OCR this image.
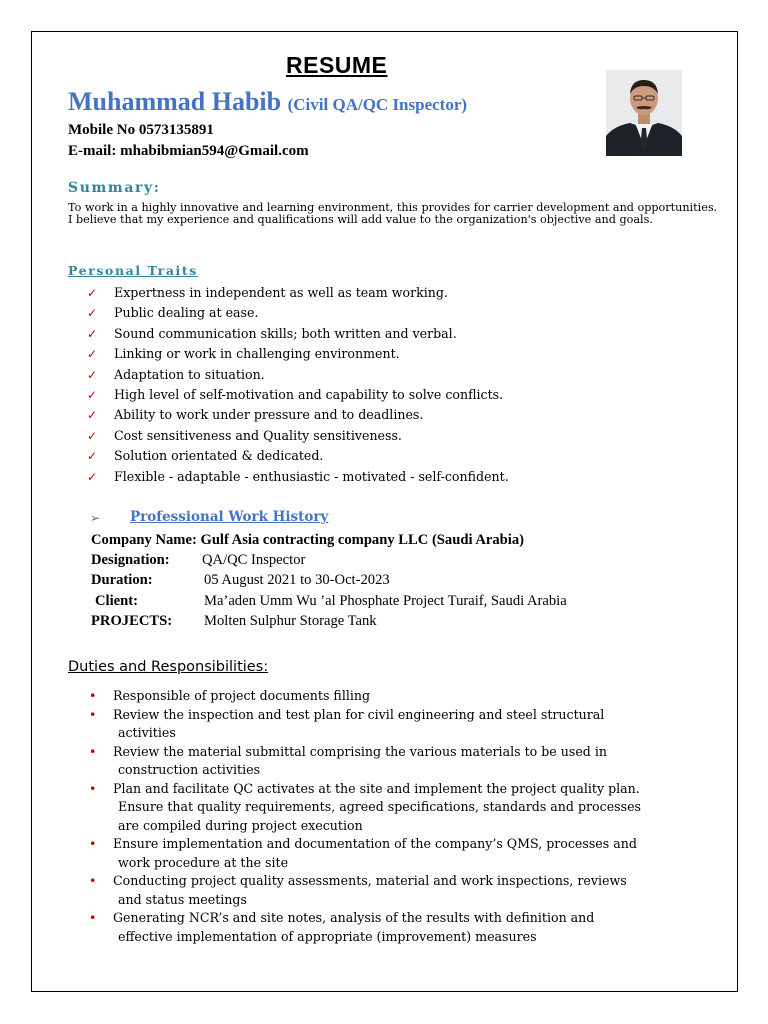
RESUME
Muhammad Habib (Civil QA/QC Inspector)
Mobile No 0573135891
E-mail: mhabibmian594@Gmail.com
Summary:
To work in a highly innovative and learning environment, this provides for carrier development and opportunities. I believe that my experience and qualifications will add value to the organization's objective and goals.
Personal Traits
✓ Expertness in independent as well as team working.
✓ Public dealing at ease.
✓ Sound communication skills; both written and verbal.
✓ Linking or work in challenging environment.
✓ Adaptation to situation.
✓ High level of self-motivation and capability to solve conflicts.
✓ Ability to work under pressure and to deadlines.
✓ Cost sensitiveness and Quality sensitiveness.
✓ Solution orientated & dedicated.
✓ Flexible - adaptable - enthusiastic - motivated - self-confident.
➢ Professional Work History
Company Name: Gulf Asia contracting company LLC (Saudi Arabia)
Designation: QA/QC Inspector
Duration:	05 August 2021 to 30-Oct-2023
Client:	Ma’aden Umm Wu ’al Phosphate Project Turaif, Saudi Arabia
PROJECTS: Molten Sulphur Storage Tank
Duties and Responsibilities:
• Responsible of project documents filling
• Review the inspection and test plan for civil engineering and steel structural
activities
• Review the material submittal comprising the various materials to be used in
construction activities
• Plan and facilitate QC activates at the site and implement the project quality plan.
Ensure that quality requirements, agreed specifications, standards and processes
are compiled during project execution
• Ensure implementation and documentation of the company’s QMS, processes and
work procedure at the site
• Conducting project quality assessments, material and work inspections, reviews
and status meetings
• Generating NCR’s and site notes, analysis of the results with definition and
effective implementation of appropriate (improvement) measures
